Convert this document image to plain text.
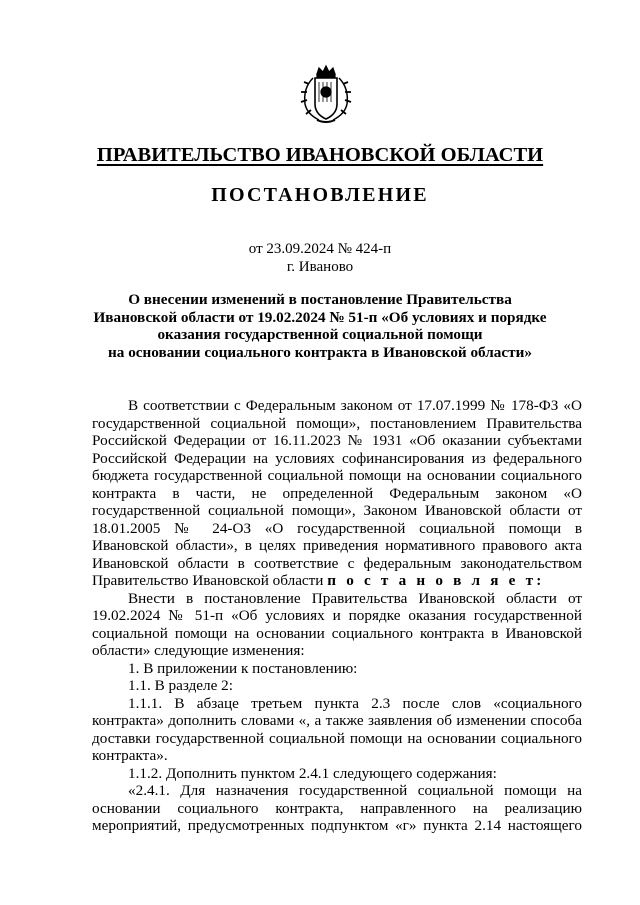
ПРАВИТЕЛЬСТВО ИВАНОВСКОЙ ОБЛАСТИ
ПОСТАНОВЛЕНИЕ
от 23.09.2024 № 424-п
г. Иваново
О внесении изменений в постановление Правительства
Ивановской области от 19.02.2024 № 51-п «Об условиях и порядке
оказания государственной социальной помощи
на основании социального контракта в Ивановской области»

В соответствии с Федеральным законом от 17.07.1999 № 178-ФЗ «О государственной социальной помощи», постановлением Правительства Российской Федерации от 16.11.2023 № 1931 «Об оказании субъектами Российской Федерации на условиях софинансирования из федерального бюджета государственной социальной помощи на основании социального контракта в части, не определенной Федеральным законом «О государственной социальной помощи», Законом Ивановской области от 18.01.2005 № 24-ОЗ «О государственной социальной помощи в Ивановской области», в целях приведения нормативного правового акта Ивановской области в соответствие с федеральным законодательством Правительство Ивановской области п о с т а н о в л я е т:

Внести в постановление Правительства Ивановской области от 19.02.2024 № 51-п «Об условиях и порядке оказания государственной социальной помощи на основании социального контракта в Ивановской области» следующие изменения:

1. В приложении к постановлению:

1.1. В разделе 2:

1.1.1. В абзаце третьем пункта 2.3 после слов «социального контракта» дополнить словами «, а также заявления об изменении способа доставки государственной социальной помощи на основании социального контракта».

1.1.2. Дополнить пунктом 2.4.1 следующего содержания:

«2.4.1. Для назначения государственной социальной помощи на основании социального контракта, направленного на реализацию мероприятий, предусмотренных подпунктом «г» пункта 2.14 настоящего
